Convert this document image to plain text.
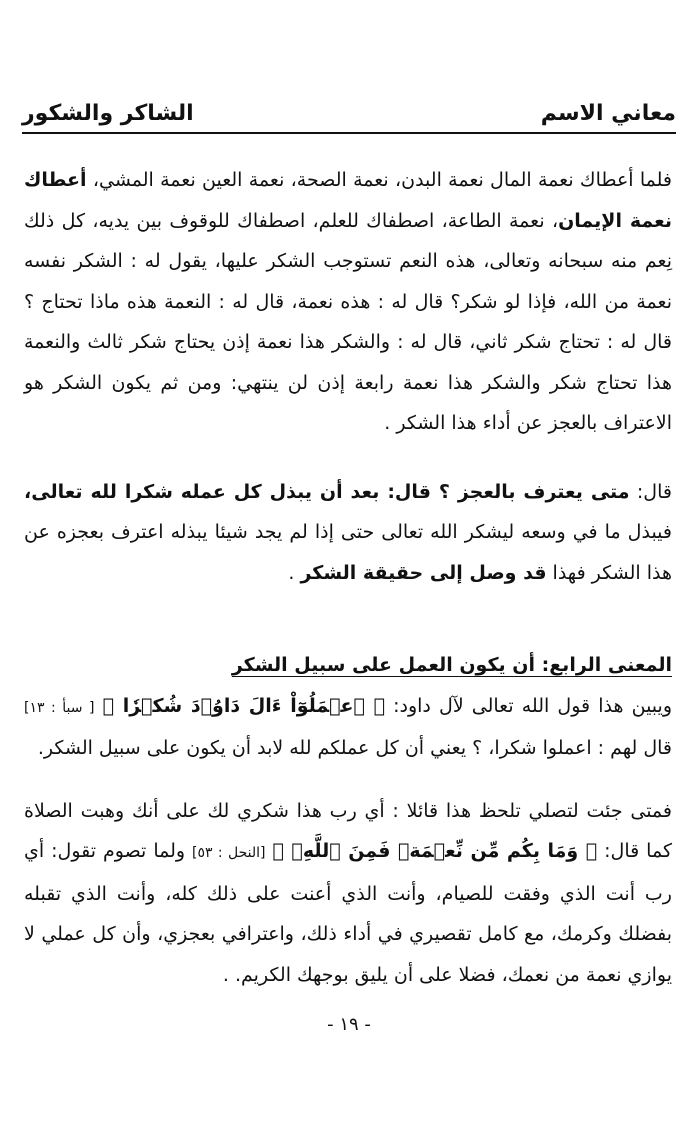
معاني الاسم
الشاكر والشكور

فلما أعطاك نعمة المال نعمة البدن، نعمة الصحة، نعمة العين نعمة المشي، أعطاك نعمة الإيمان، نعمة الطاعة، اصطفاك للعلم، اصطفاك للوقوف بين يديه، كل ذلك نِعم منه سبحانه وتعالى، هذه النعم تستوجب الشكر عليها، يقول له : الشكر نفسه نعمة من الله، فإذا لو شكر؟ قال له : هذه نعمة، قال له : النعمة هذه ماذا تحتاج ؟ قال له : تحتاج شكر ثاني، قال له : والشكر هذا نعمة إذن يحتاج شكر ثالث والنعمة هذا تحتاج شكر والشكر هذا نعمة رابعة إذن لن ينتهي: ومن ثم يكون الشكر هو الاعتراف بالعجز عن أداء هذا الشكر .

قال: متى يعترف بالعجز ؟ قال: بعد أن يبذل كل عمله شكرا لله تعالى، فيبذل ما في وسعه ليشكر الله تعالى حتى إذا لم يجد شيئا يبذله اعترف بعجزه عن هذا الشكر فهذا قد وصل إلى حقيقة الشكر .

المعنى الرابع: أن يكون العمل على سبيل الشكر

ويبين هذا قول الله تعالى لآل داود: ﴿ ٱعۡمَلُوٓاْ ءَالَ دَاوُۥدَ شُكۡرٗا ﴾ [ سبأ : ١٣] قال لهم : اعملوا شكرا، ؟ يعني أن كل عملكم لله لابد أن يكون على سبيل الشكر.

فمتى جئت لتصلي تلحظ هذا قائلا : أي رب هذا شكري لك على أنك وهبت الصلاة كما قال: ﴿ وَمَا بِكُم مِّن نِّعۡمَةٖ فَمِنَ ٱللَّهِۖ ﴾ [النحل : ٥٣] ولما تصوم تقول: أي رب أنت الذي وفقت للصيام، وأنت الذي أعنت على ذلك كله، وأنت الذي تقبله بفضلك وكرمك، مع كامل تقصيري في أداء ذلك، واعترافي بعجزي، وأن كل عملي لا يوازي نعمة من نعمك، فضلا على أن يليق بوجهك الكريم. .

- ١٩ -
